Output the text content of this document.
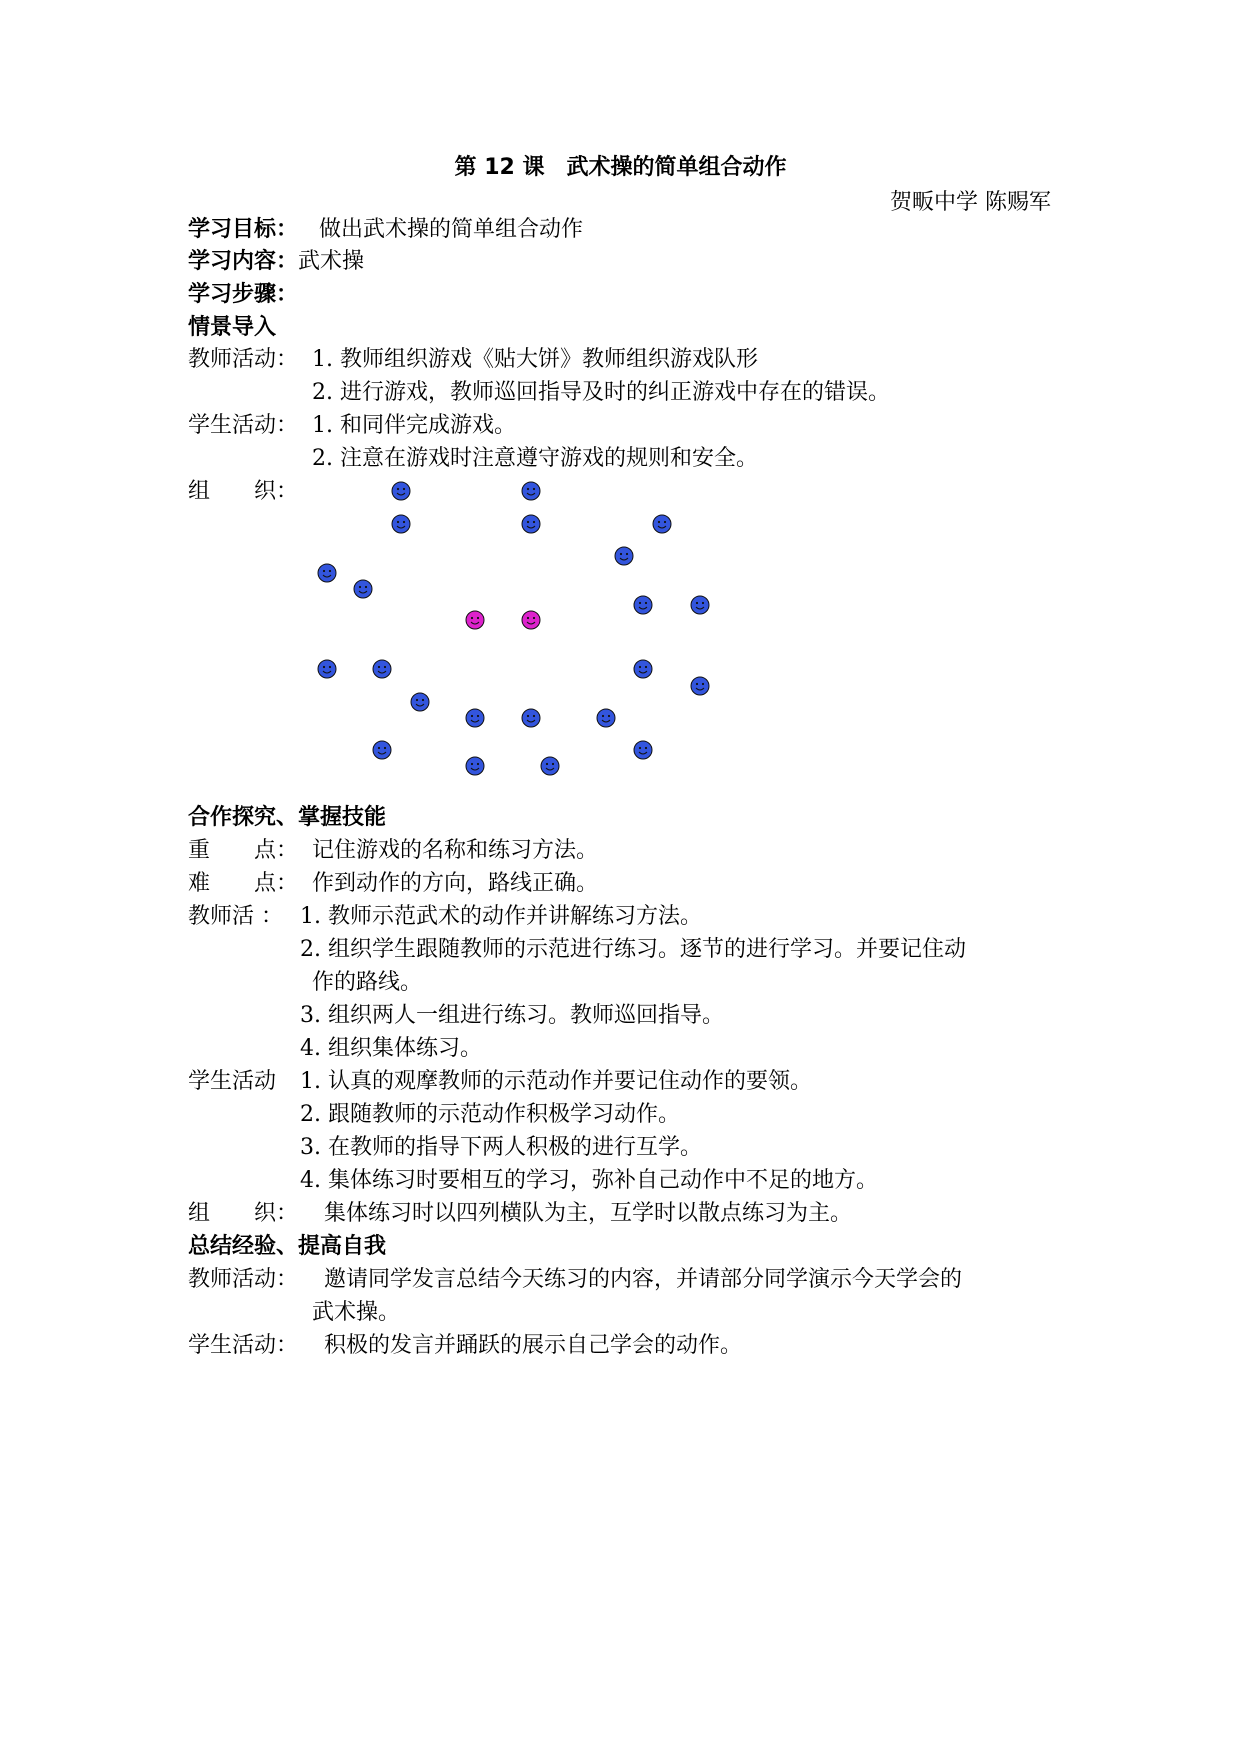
第 12 课　武术操的简单组合动作
贺畈中学 陈赐军
学习目标： 做出武术操的简单组合动作
学习内容：武术操
学习步骤：
情景导入
教师活动： 1. 教师组织游戏《贴大饼》教师组织游戏队形
2. 进行游戏，教师巡回指导及时的纠正游戏中存在的错误。
学生活动： 1. 和同伴完成游戏。
2. 注意在游戏时注意遵守游戏的规则和安全。
组　　织：
合作探究、掌握技能
重　　点： 记住游戏的名称和练习方法。
难　　点： 作到动作的方向，路线正确。
教师活 ： 1. 教师示范武术的动作并讲解练习方法。
2. 组织学生跟随教师的示范进行练习。逐节的进行学习。并要记住动
作的路线。
3. 组织两人一组进行练习。教师巡回指导。
4. 组织集体练习。
学生活动 1. 认真的观摩教师的示范动作并要记住动作的要领。
2. 跟随教师的示范动作积极学习动作。
3. 在教师的指导下两人积极的进行互学。
4. 集体练习时要相互的学习，弥补自己动作中不足的地方。
组　　织： 集体练习时以四列横队为主，互学时以散点练习为主。
总结经验、提高自我
教师活动： 邀请同学发言总结今天练习的内容，并请部分同学演示今天学会的
武术操。
学生活动： 积极的发言并踊跃的展示自己学会的动作。
